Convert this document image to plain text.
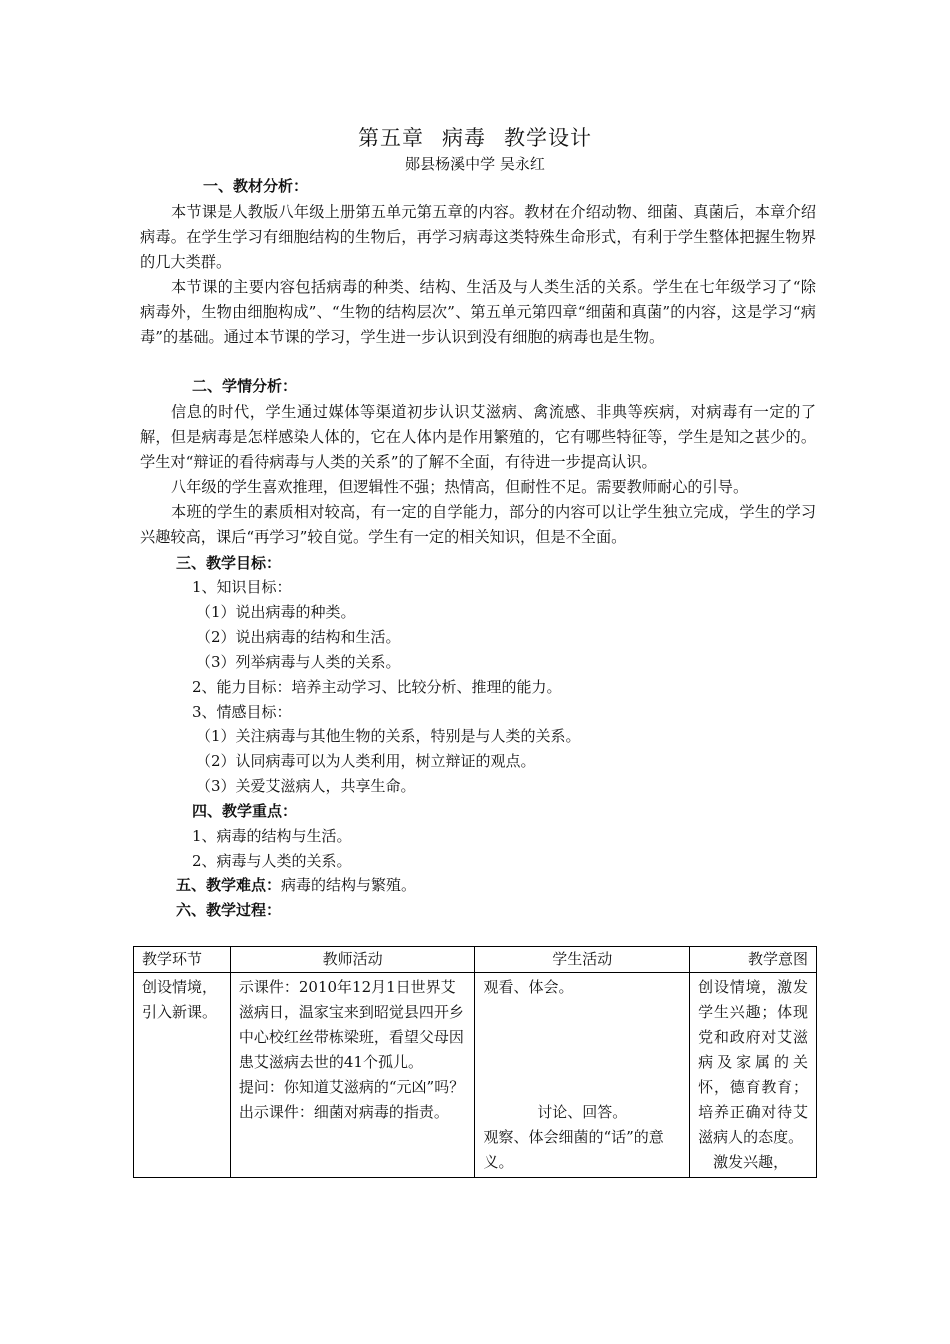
第五章 病毒 教学设计
郧县杨溪中学 吴永红
一、教材分析：
本节课是人教版八年级上册第五单元第五章的内容。教材在介绍动物、细菌、真菌后，本章介绍病毒。在学生学习有细胞结构的生物后，再学习病毒这类特殊生命形式，有利于学生整体把握生物界的几大类群。
本节课的主要内容包括病毒的种类、结构、生活及与人类生活的关系。学生在七年级学习了“除病毒外，生物由细胞构成”、“生物的结构层次”、第五单元第四章“细菌和真菌”的内容，这是学习“病毒”的基础。通过本节课的学习，学生进一步认识到没有细胞的病毒也是生物。
二、学情分析：
信息的时代，学生通过媒体等渠道初步认识艾滋病、禽流感、非典等疾病，对病毒有一定的了解，但是病毒是怎样感染人体的，它在人体内是作用繁殖的，它有哪些特征等，学生是知之甚少的。学生对“辩证的看待病毒与人类的关系”的了解不全面，有待进一步提高认识。
八年级的学生喜欢推理，但逻辑性不强；热情高，但耐性不足。需要教师耐心的引导。
本班的学生的素质相对较高，有一定的自学能力，部分的内容可以让学生独立完成，学生的学习兴趣较高，课后“再学习”较自觉。学生有一定的相关知识，但是不全面。
三、教学目标：
1、知识目标：
（1）说出病毒的种类。
（2）说出病毒的结构和生活。
（3）列举病毒与人类的关系。
2、能力目标：培养主动学习、比较分析、推理的能力。
3、情感目标：
（1）关注病毒与其他生物的关系，特别是与人类的关系。
（2）认同病毒可以为人类利用，树立辩证的观点。
（3）关爱艾滋病人，共享生命。
四、教学重点：
1、病毒的结构与生活。
2、病毒与人类的关系。
五、教学难点：病毒的结构与繁殖。
六、教学过程：
教学环节	教师活动	学生活动	教学意图
创设情境，引入新课。	示课件：2010年12月1日世界艾滋病日，温家宝来到昭觉县四开乡中心校红丝带栋梁班，看望父母因患艾滋病去世的41个孤儿。
提问：你知道艾滋病的“元凶”吗？
出示课件：细菌对病毒的指责。	观看、体会。
讨论、回答。
观察、体会细菌的“话”的意义。	创设情境，激发学生兴趣；体现党和政府对艾滋病及家属的关怀，德育教育；培养正确对待艾滋病人的态度。
激发兴趣，
